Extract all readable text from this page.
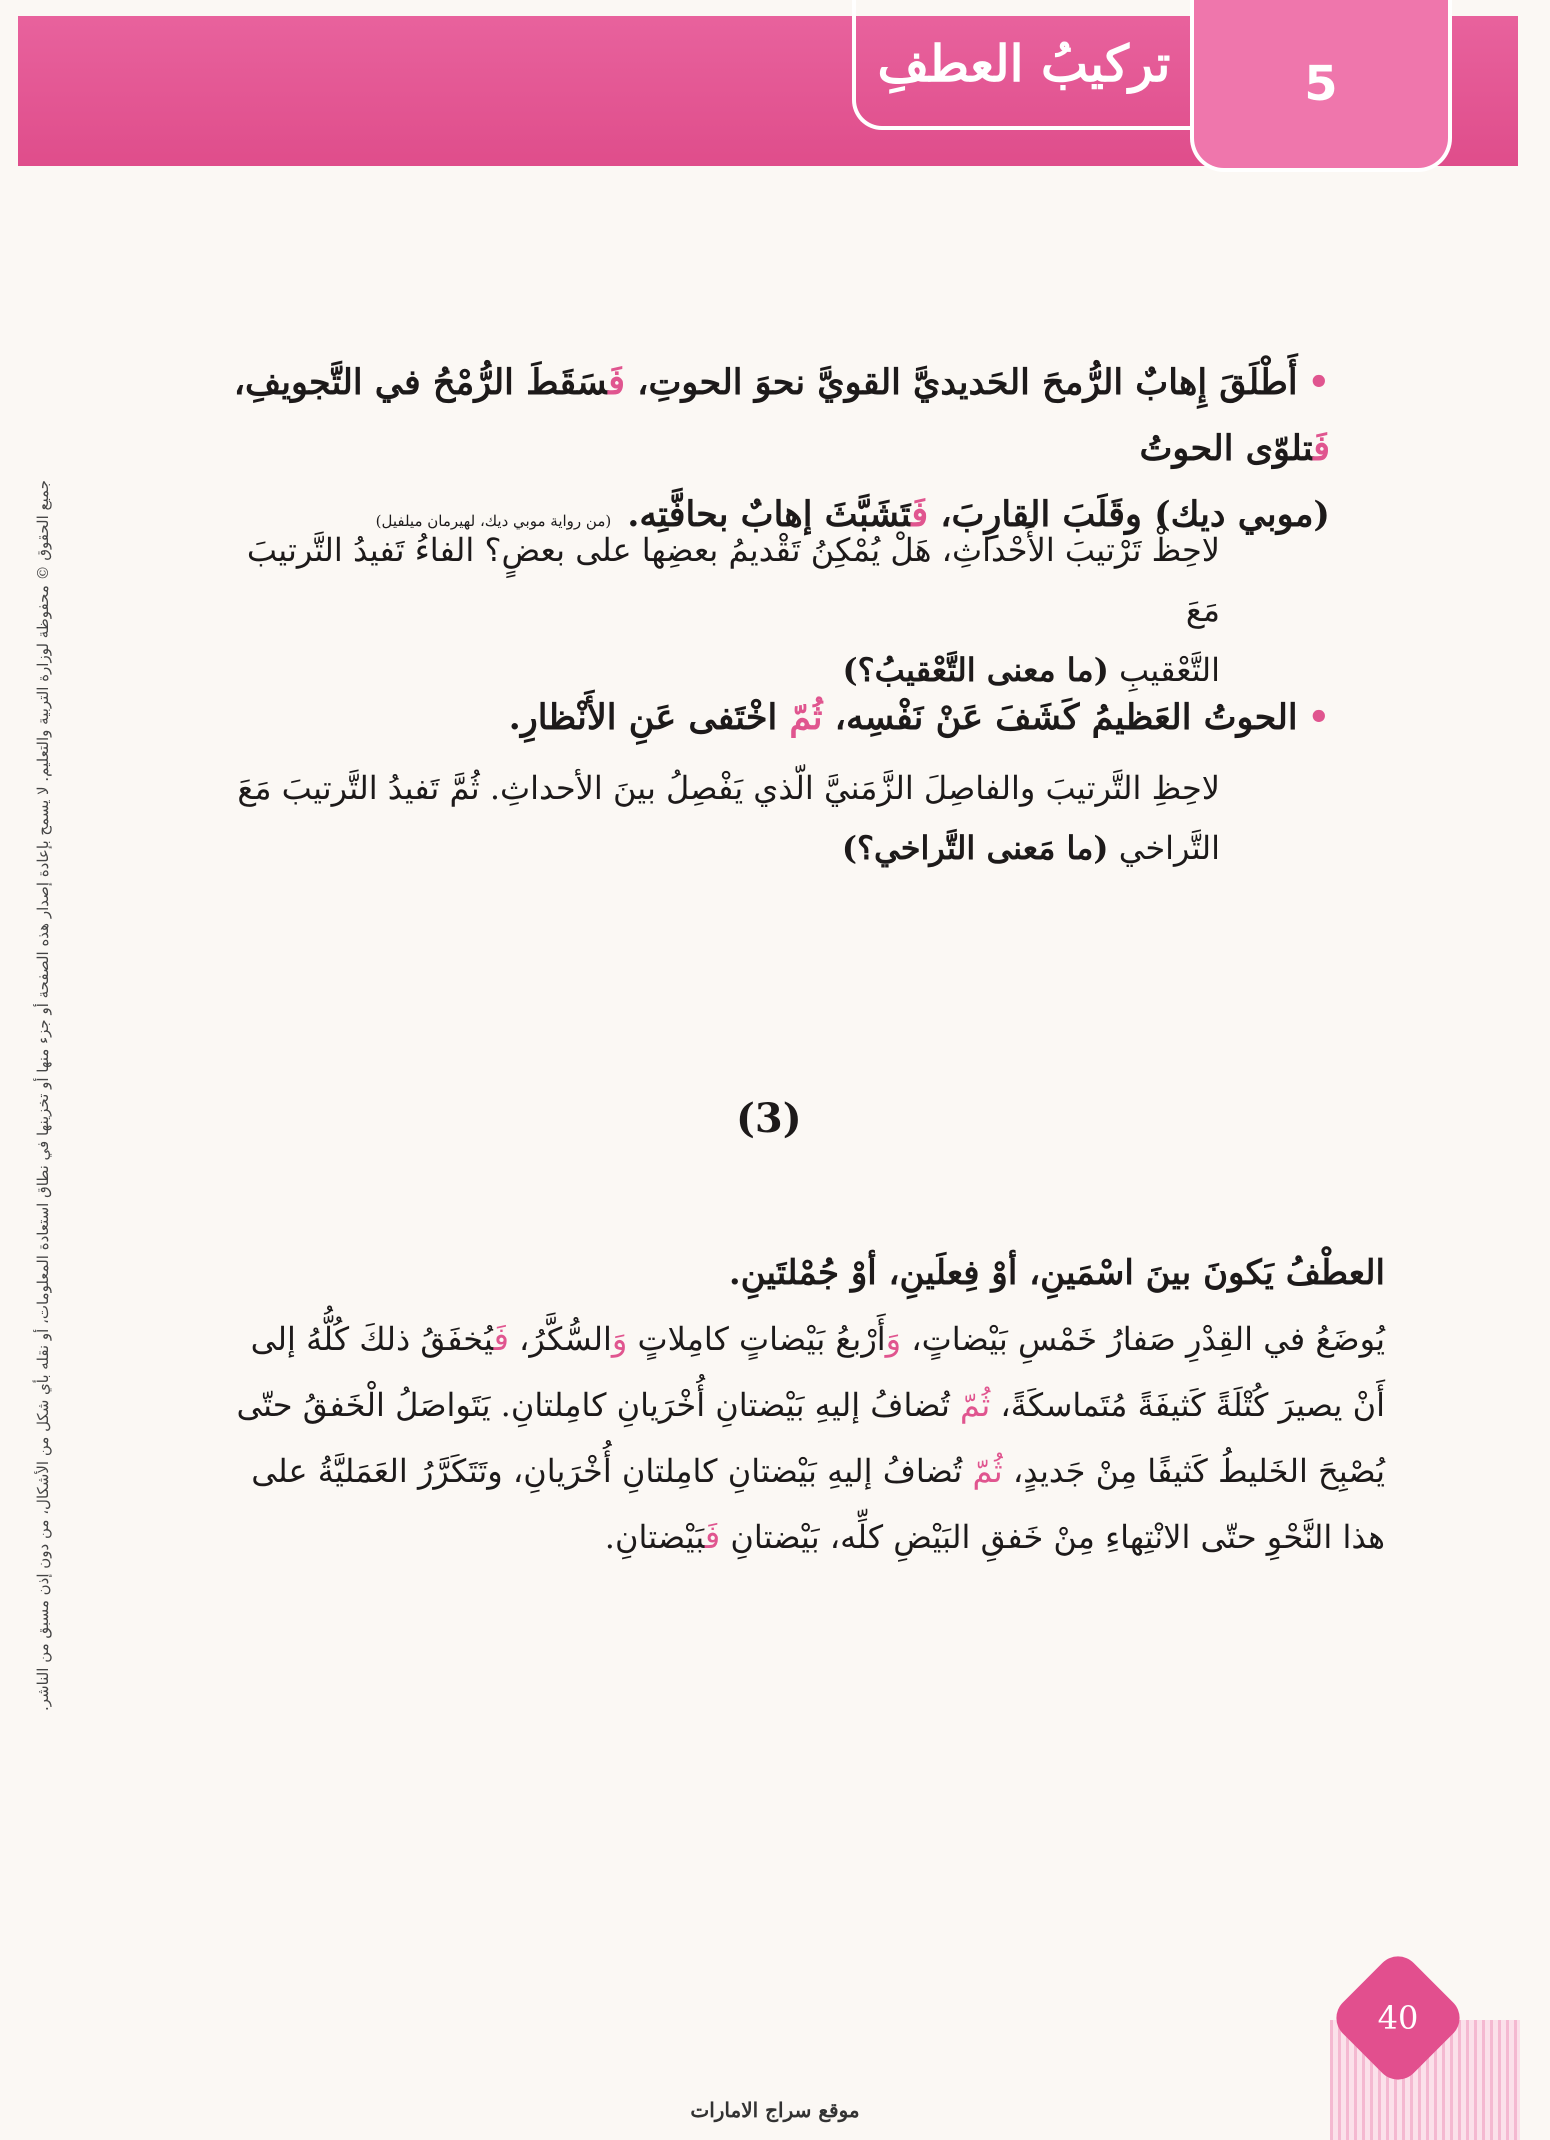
تركيبُ العطفِ	5
جميع الحقوق © محفوظة لوزارة التربية والتعليم. لا يسمح بإعادة إصدار هذه الصفحة أو جزء منها أو تخزينها في نطاق استعادة المعلومات، أو نقله بأي شكل من الأشكال، من دون إذن مسبق من الناشر.
•أَطْلَقَ إِهابٌ الرُّمحَ الحَديديَّ القويَّ نحوَ الحوتِ، فَسَقَطَ الرُّمْحُ في التَّجويفِ، فَتلوّى الحوتُ
(موبي ديك) وقَلَبَ القارِبَ، فَتَشَبَّثَ إهابٌ بحافَّتِه.(من رواية موبي ديك، لهيرمان ميلفيل)
لاحِظْ تَرْتيبَ الأَحْداثِ، هَلْ يُمْكِنُ تَقْديمُ بعضِها على بعضٍ؟ الفاءُ تَفيدُ التَّرتيبَ مَعَ
التَّعْقيبِ (ما معنى التَّعْقيبُ؟)
•الحوتُ العَظيمُ كَشَفَ عَنْ نَفْسِه، ثُمّ اخْتَفى عَنِ الأَنْظارِ.
لاحِظِ التَّرتيبَ والفاصِلَ الزَّمَنيَّ الّذي يَفْصِلُ بينَ الأحداثِ. ثُمَّ تَفيدُ التَّرتيبَ مَعَ
التَّراخي (ما مَعنى التَّراخي؟)
(3)
العطْفُ يَكونَ بينَ اسْمَينِ، أوْ فِعلَينِ، أوْ جُمْلتَينِ.
يُوضَعُ في القِدْرِ صَفارُ خَمْسِ بَيْضاتٍ، وَأَرْبعُ بَيْضاتٍ كامِلاتٍ وَالسُّكَّرُ، فَيُخفَقُ ذلكَ كُلُّهُ إلى
أَنْ يصيرَ كُتْلَةً كَثيفَةً مُتَماسكَةً، ثُمّ تُضافُ إليهِ بَيْضتانِ أُخْرَيانِ كامِلتانِ. يَتَواصَلُ الْخَفقُ حتّى
يُصْبِحَ الخَليطُ كَثيفًا مِنْ جَديدٍ، ثُمّ تُضافُ إليهِ بَيْضتانِ كامِلتانِ أُخْرَيانِ، وتَتَكَرَّرُ العَمَليَّةُ على
هذا النَّحْوِ حتّى الانْتِهاءِ مِنْ خَفقِ البَيْضِ كلِّه، بَيْضتانِ فَبَيْضتانِ.
40
موقع سراج الامارات
